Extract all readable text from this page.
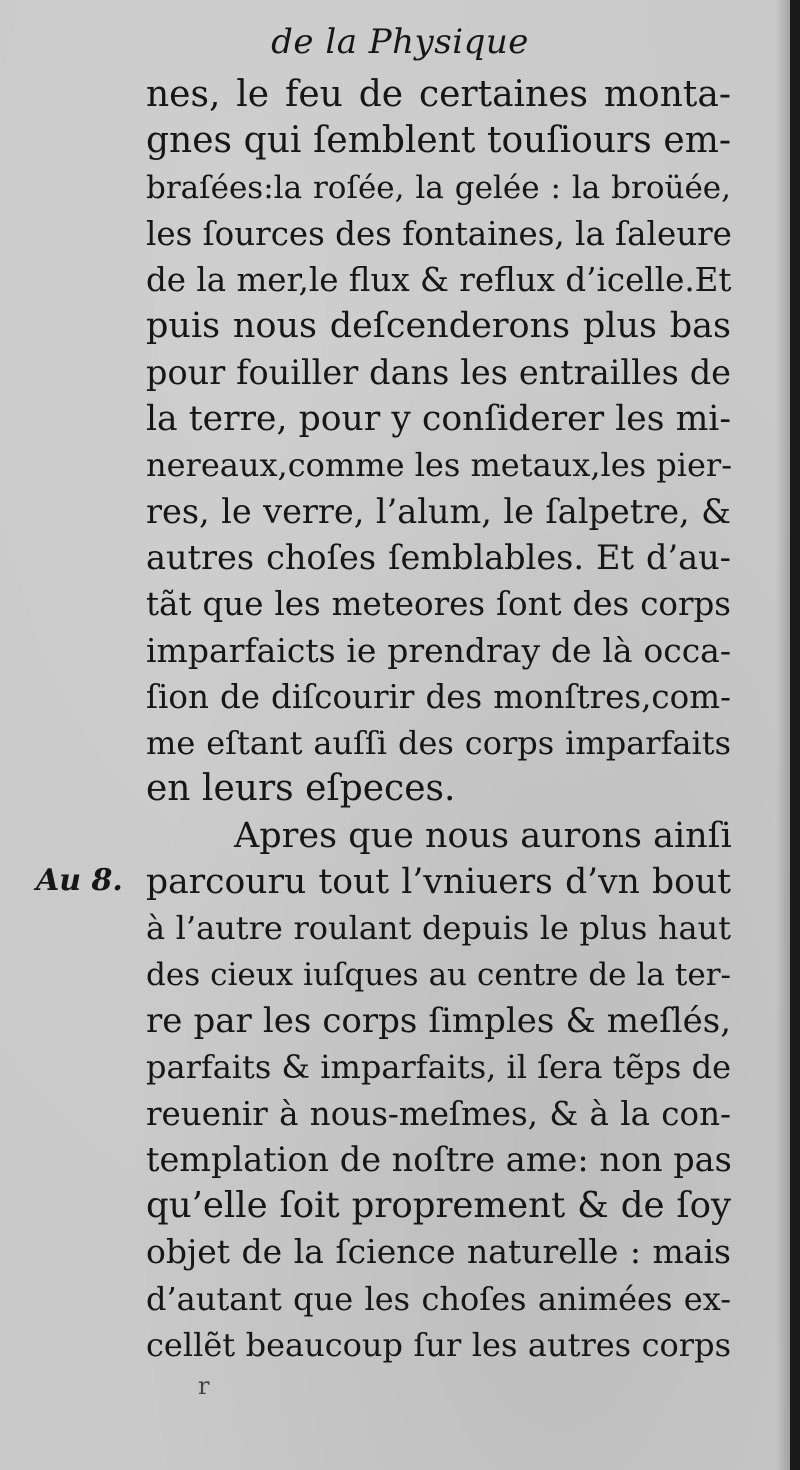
de la Physique
Au 8.
nes, le feu de certaines monta-
gnes qui ſemblent touſiours em-
braſées:la roſée, la gelée : la broüée,
les ſources des fontaines, la ſaleure
de la mer,le flux & reflux d’icelle.Et
puis nous deſcenderons plus bas
pour fouiller dans les entrailles de
la terre, pour y conſiderer les mi-
nereaux,comme les metaux,les pier-
res, le verre, l’alum, le ſalpetre, &
autres choſes ſemblables. Et d’au-
tãt que les meteores ſont des corps
imparfaicts ie prendray de là occa-
ſion de diſcourir des monſtres,com-
me eſtant auſſi des corps imparfaits
en leurs eſpeces.
Apres que nous aurons ainſi
parcouru tout l’vniuers d’vn bout
à l’autre roulant depuis le plus haut
des cieux iuſques au centre de la ter-
re par les corps ſimples & meſlés,
parfaits & imparfaits, il ſera tẽps de
reuenir à nous-meſmes, & à la con-
templation de noſtre ame: non pas
qu’elle ſoit proprement & de ſoy
objet de la ſcience naturelle : mais
d’autant que les choſes animées ex-
cellẽt beaucoup ſur les autres corps
r
